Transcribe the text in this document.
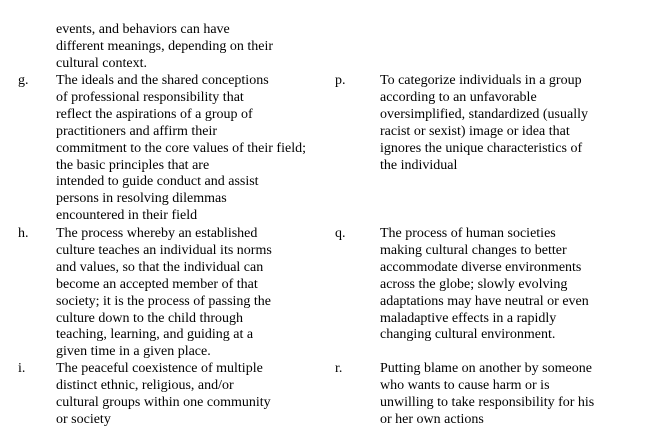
events, and behaviors can have
different meanings, depending on their
cultural context.
g. The ideals and the shared conceptions
of professional responsibility that
reflect the aspirations of a group of
practitioners and affirm their
commitment to the core values of their field;
the basic principles that are
intended to guide conduct and assist
persons in resolving dilemmas
encountered in their field
h. The process whereby an established
culture teaches an individual its norms
and values, so that the individual can
become an accepted member of that
society; it is the process of passing the
culture down to the child through
teaching, learning, and guiding at a
given time in a given place.
i. The peaceful coexistence of multiple
distinct ethnic, religious, and/or
cultural groups within one community
or society
p. To categorize individuals in a group
according to an unfavorable
oversimplified, standardized (usually
racist or sexist) image or idea that
ignores the unique characteristics of
the individual
q. The process of human societies
making cultural changes to better
accommodate diverse environments
across the globe; slowly evolving
adaptations may have neutral or even
maladaptive effects in a rapidly
changing cultural environment.
r.	Putting blame on another by someone
who wants to cause harm or is
unwilling to take responsibility for his
or her own actions
